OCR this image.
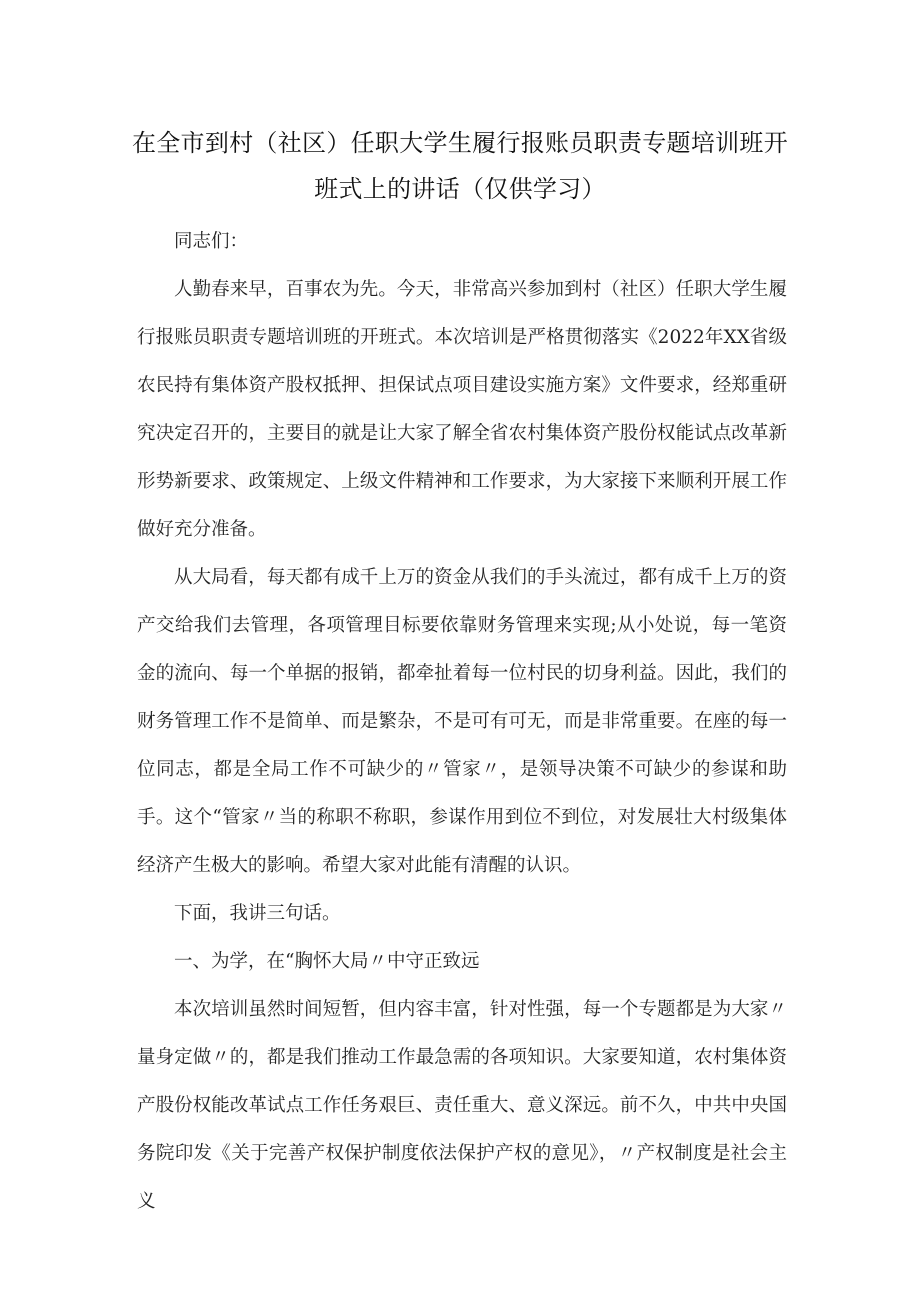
在全市到村（社区）任职大学生履行报账员职责专题培训班开班式上的讲话（仅供学习）

同志们：

人勤春来早，百事农为先。今天，非常高兴参加到村（社区）任职大学生履行报账员职责专题培训班的开班式。本次培训是严格贯彻落实《2022年XX省级农民持有集体资产股权抵押、担保试点项目建设实施方案》文件要求，经郑重研究决定召开的，主要目的就是让大家了解全省农村集体资产股份权能试点改革新形势新要求、政策规定、上级文件精神和工作要求，为大家接下来顺利开展工作做好充分准备。

从大局看，每天都有成千上万的资金从我们的手头流过，都有成千上万的资产交给我们去管理，各项管理目标要依靠财务管理来实现;从小处说，每一笔资金的流向、每一个单据的报销，都牵扯着每一位村民的切身利益。因此，我们的财务管理工作不是简单、而是繁杂，不是可有可无，而是非常重要。在座的每一位同志，都是全局工作不可缺少的〃管家〃，是领导决策不可缺少的参谋和助手。这个“管家〃当的称职不称职，参谋作用到位不到位，对发展壮大村级集体经济产生极大的影响。希望大家对此能有清醒的认识。

下面，我讲三句话。

一、为学，在“胸怀大局〃中守正致远

本次培训虽然时间短暂，但内容丰富，针对性强，每一个专题都是为大家〃量身定做〃的，都是我们推动工作最急需的各项知识。大家要知道，农村集体资产股份权能改革试点工作任务艰巨、责任重大、意义深远。前不久，中共中央国务院印发《关于完善产权保护制度依法保护产权的意见》，〃产权制度是社会主义
